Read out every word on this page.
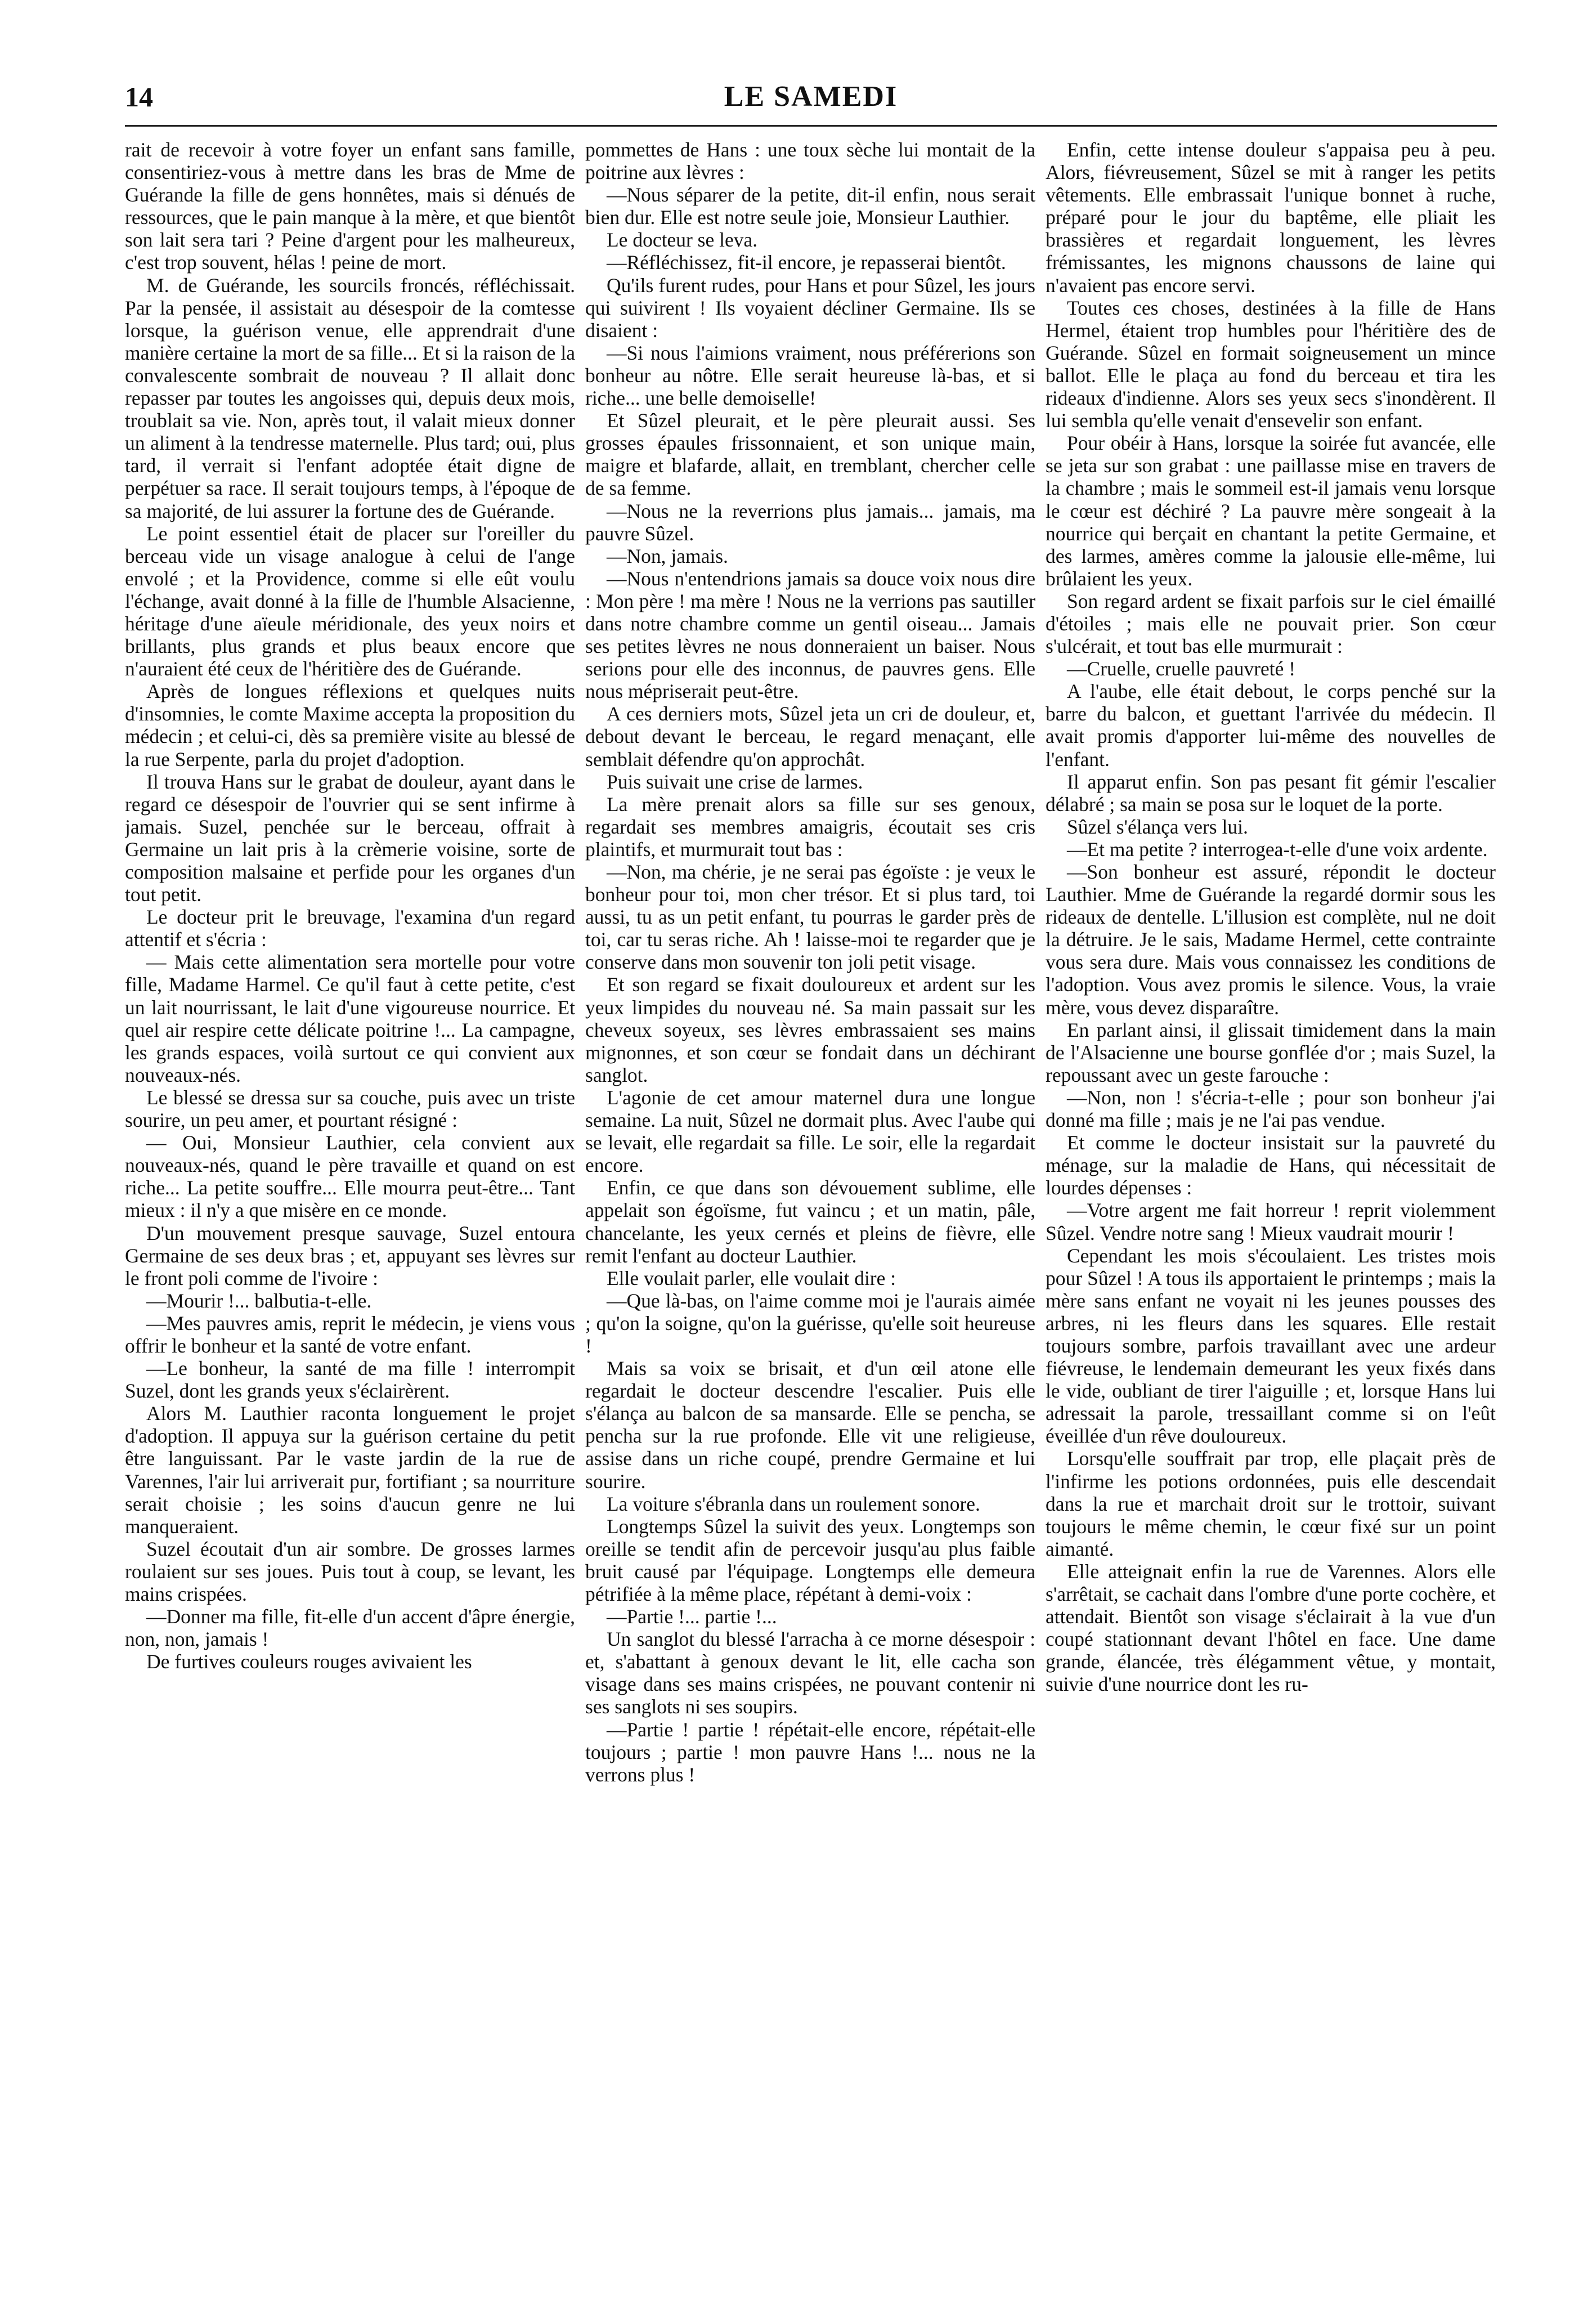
14	LE SAMEDI

rait de recevoir à votre foyer un enfant sans famille, consentiriez-vous à mettre dans les bras de Mme de Guérande la fille de gens honnêtes, mais si dénués de ressources, que le pain manque à la mère, et que bientôt son lait sera tari ? Peine d'argent pour les malheureux, c'est trop souvent, hélas ! peine de mort.

M. de Guérande, les sourcils froncés, réfléchissait. Par la pensée, il assistait au désespoir de la comtesse lorsque, la guérison venue, elle apprendrait d'une manière certaine la mort de sa fille... Et si la raison de la convalescente sombrait de nouveau ? Il allait donc repasser par toutes les angoisses qui, depuis deux mois, troublait sa vie. Non, après tout, il valait mieux donner un aliment à la tendresse maternelle. Plus tard; oui, plus tard, il verrait si l'enfant adoptée était digne de perpétuer sa race. Il serait toujours temps, à l'époque de sa majorité, de lui assurer la fortune des de Guérande.

Le point essentiel était de placer sur l'oreiller du berceau vide un visage analogue à celui de l'ange envolé ; et la Providence, comme si elle eût voulu l'échange, avait donné à la fille de l'humble Alsacienne, héritage d'une aïeule méridionale, des yeux noirs et brillants, plus grands et plus beaux encore que n'auraient été ceux de l'héritière des de Guérande.

Après de longues réflexions et quelques nuits d'insomnies, le comte Maxime accepta la proposition du médecin ; et celui-ci, dès sa première visite au blessé de la rue Serpente, parla du projet d'adoption.

Il trouva Hans sur le grabat de douleur, ayant dans le regard ce désespoir de l'ouvrier qui se sent infirme à jamais. Suzel, penchée sur le berceau, offrait à Germaine un lait pris à la crèmerie voisine, sorte de composition malsaine et perfide pour les organes d'un tout petit.

Le docteur prit le breuvage, l'examina d'un regard attentif et s'écria :

— Mais cette alimentation sera mortelle pour votre fille, Madame Harmel. Ce qu'il faut à cette petite, c'est un lait nourrissant, le lait d'une vigoureuse nourrice. Et quel air respire cette délicate poitrine !... La campagne, les grands espaces, voilà surtout ce qui convient aux nouveaux-nés.

Le blessé se dressa sur sa couche, puis avec un triste sourire, un peu amer, et pourtant résigné :

— Oui, Monsieur Lauthier, cela convient aux nouveaux-nés, quand le père travaille et quand on est riche... La petite souffre... Elle mourra peut-être... Tant mieux : il n'y a que misère en ce monde.

D'un mouvement presque sauvage, Suzel entoura Germaine de ses deux bras ; et, appuyant ses lèvres sur le front poli comme de l'ivoire :

—Mourir !... balbutia-t-elle.

—Mes pauvres amis, reprit le médecin, je viens vous offrir le bonheur et la santé de votre enfant.

—Le bonheur, la santé de ma fille ! interrompit Suzel, dont les grands yeux s'éclairèrent.

Alors M. Lauthier raconta longuement le projet d'adoption. Il appuya sur la guérison certaine du petit être languissant. Par le vaste jardin de la rue de Varennes, l'air lui arriverait pur, fortifiant ; sa nourriture serait choisie ; les soins d'aucun genre ne lui manqueraient.

Suzel écoutait d'un air sombre. De grosses larmes roulaient sur ses joues. Puis tout à coup, se levant, les mains crispées.

—Donner ma fille, fit-elle d'un accent d'âpre énergie, non, non, jamais !

De furtives couleurs rouges avivaient les

pommettes de Hans : une toux sèche lui montait de la poitrine aux lèvres :

—Nous séparer de la petite, dit-il enfin, nous serait bien dur. Elle est notre seule joie, Monsieur Lauthier.

Le docteur se leva.

—Réfléchissez, fit-il encore, je repasserai bientôt.

Qu'ils furent rudes, pour Hans et pour Sûzel, les jours qui suivirent ! Ils voyaient décliner Germaine. Ils se disaient :

—Si nous l'aimions vraiment, nous préférerions son bonheur au nôtre. Elle serait heureuse là-bas, et si riche... une belle demoiselle!

Et Sûzel pleurait, et le père pleurait aussi. Ses grosses épaules frissonnaient, et son unique main, maigre et blafarde, allait, en tremblant, chercher celle de sa femme.

—Nous ne la reverrions plus jamais... jamais, ma pauvre Sûzel.

—Non, jamais.

—Nous n'entendrions jamais sa douce voix nous dire : Mon père ! ma mère ! Nous ne la verrions pas sautiller dans notre chambre comme un gentil oiseau... Jamais ses petites lèvres ne nous donneraient un baiser. Nous serions pour elle des inconnus, de pauvres gens. Elle nous mépriserait peut-être.

A ces derniers mots, Sûzel jeta un cri de douleur, et, debout devant le berceau, le regard menaçant, elle semblait défendre qu'on approchât.

Puis suivait une crise de larmes.

La mère prenait alors sa fille sur ses genoux, regardait ses membres amaigris, écoutait ses cris plaintifs, et murmurait tout bas :

—Non, ma chérie, je ne serai pas égoïste : je veux le bonheur pour toi, mon cher trésor. Et si plus tard, toi aussi, tu as un petit enfant, tu pourras le garder près de toi, car tu seras riche. Ah ! laisse-moi te regarder que je conserve dans mon souvenir ton joli petit visage.

Et son regard se fixait douloureux et ardent sur les yeux limpides du nouveau né. Sa main passait sur les cheveux soyeux, ses lèvres embrassaient ses mains mignonnes, et son cœur se fondait dans un déchirant sanglot.

L'agonie de cet amour maternel dura une longue semaine. La nuit, Sûzel ne dormait plus. Avec l'aube qui se levait, elle regardait sa fille. Le soir, elle la regardait encore.

Enfin, ce que dans son dévouement sublime, elle appelait son égoïsme, fut vaincu ; et un matin, pâle, chancelante, les yeux cernés et pleins de fièvre, elle remit l'enfant au docteur Lauthier.

Elle voulait parler, elle voulait dire :

—Que là-bas, on l'aime comme moi je l'aurais aimée ; qu'on la soigne, qu'on la guérisse, qu'elle soit heureuse !

Mais sa voix se brisait, et d'un œil atone elle regardait le docteur descendre l'escalier. Puis elle s'élança au balcon de sa mansarde. Elle se pencha, se pencha sur la rue profonde. Elle vit une religieuse, assise dans un riche coupé, prendre Germaine et lui sourire.

La voiture s'ébranla dans un roulement sonore.

Longtemps Sûzel la suivit des yeux. Longtemps son oreille se tendit afin de percevoir jusqu'au plus faible bruit causé par l'équipage. Longtemps elle demeura pétrifiée à la même place, répétant à demi-voix :

—Partie !... partie !...

Un sanglot du blessé l'arracha à ce morne désespoir : et, s'abattant à genoux devant le lit, elle cacha son visage dans ses mains crispées, ne pouvant contenir ni ses sanglots ni ses soupirs.

—Partie ! partie ! répétait-elle encore, répétait-elle toujours ; partie ! mon pauvre Hans !... nous ne la verrons plus !

Enfin, cette intense douleur s'appaisa peu à peu. Alors, fiévreusement, Sûzel se mit à ranger les petits vêtements. Elle embrassait l'unique bonnet à ruche, préparé pour le jour du baptême, elle pliait les brassières et regardait longuement, les lèvres frémissantes, les mignons chaussons de laine qui n'avaient pas encore servi.

Toutes ces choses, destinées à la fille de Hans Hermel, étaient trop humbles pour l'héritière des de Guérande. Sûzel en formait soigneusement un mince ballot. Elle le plaça au fond du berceau et tira les rideaux d'indienne. Alors ses yeux secs s'inondèrent. Il lui sembla qu'elle venait d'ensevelir son enfant.

Pour obéir à Hans, lorsque la soirée fut avancée, elle se jeta sur son grabat : une paillasse mise en travers de la chambre ; mais le sommeil est-il jamais venu lorsque le cœur est déchiré ? La pauvre mère songeait à la nourrice qui berçait en chantant la petite Germaine, et des larmes, amères comme la jalousie elle-même, lui brûlaient les yeux.

Son regard ardent se fixait parfois sur le ciel émaillé d'étoiles ; mais elle ne pouvait prier. Son cœur s'ulcérait, et tout bas elle murmurait :

—Cruelle, cruelle pauvreté !

A l'aube, elle était debout, le corps penché sur la barre du balcon, et guettant l'arrivée du médecin. Il avait promis d'apporter lui-même des nouvelles de l'enfant.

Il apparut enfin. Son pas pesant fit gémir l'escalier délabré ; sa main se posa sur le loquet de la porte.

Sûzel s'élança vers lui.

—Et ma petite ? interrogea-t-elle d'une voix ardente.

—Son bonheur est assuré, répondit le docteur Lauthier. Mme de Guérande la regardé dormir sous les rideaux de dentelle. L'illusion est complète, nul ne doit la détruire. Je le sais, Madame Hermel, cette contrainte vous sera dure. Mais vous connaissez les conditions de l'adoption. Vous avez promis le silence. Vous, la vraie mère, vous devez disparaître.

En parlant ainsi, il glissait timidement dans la main de l'Alsacienne une bourse gonflée d'or ; mais Suzel, la repoussant avec un geste farouche :

—Non, non ! s'écria-t-elle ; pour son bonheur j'ai donné ma fille ; mais je ne l'ai pas vendue.

Et comme le docteur insistait sur la pauvreté du ménage, sur la maladie de Hans, qui nécessitait de lourdes dépenses :

—Votre argent me fait horreur ! reprit violemment Sûzel. Vendre notre sang ! Mieux vaudrait mourir !

Cependant les mois s'écoulaient. Les tristes mois pour Sûzel ! A tous ils apportaient le printemps ; mais la mère sans enfant ne voyait ni les jeunes pousses des arbres, ni les fleurs dans les squares. Elle restait toujours sombre, parfois travaillant avec une ardeur fiévreuse, le lendemain demeurant les yeux fixés dans le vide, oubliant de tirer l'aiguille ; et, lorsque Hans lui adressait la parole, tressaillant comme si on l'eût éveillée d'un rêve douloureux.

Lorsqu'elle souffrait par trop, elle plaçait près de l'infirme les potions ordonnées, puis elle descendait dans la rue et marchait droit sur le trottoir, suivant toujours le même chemin, le cœur fixé sur un point aimanté.

Elle atteignait enfin la rue de Varennes. Alors elle s'arrêtait, se cachait dans l'ombre d'une porte cochère, et attendait. Bientôt son visage s'éclairait à la vue d'un coupé stationnant devant l'hôtel en face. Une dame grande, élancée, très élégamment vêtue, y montait, suivie d'une nourrice dont les ru-
